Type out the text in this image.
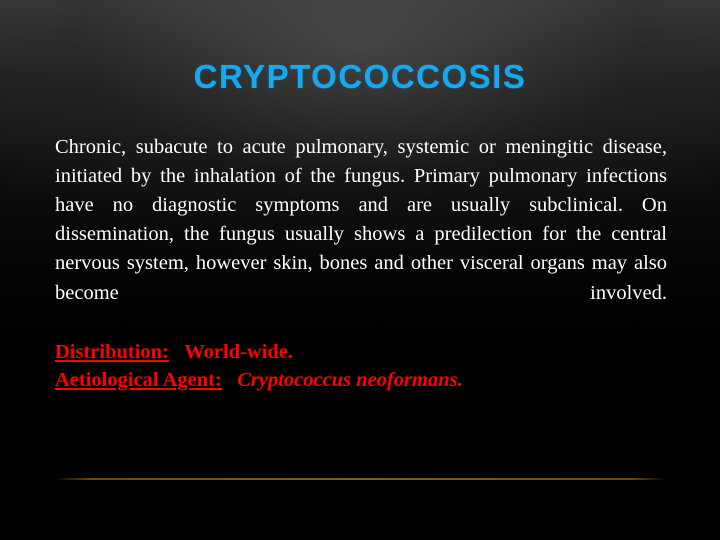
CRYPTOCOCCOSIS

Chronic, subacute to acute pulmonary, systemic or meningitic disease, initiated by the inhalation of the fungus. Primary pulmonary infections have no diagnostic symptoms and are usually subclinical. On dissemination, the fungus usually shows a predilection for the central nervous system, however skin, bones and other visceral organs may also become involved.

Distribution: World-wide.
Aetiological Agent: Cryptococcus neoformans.
